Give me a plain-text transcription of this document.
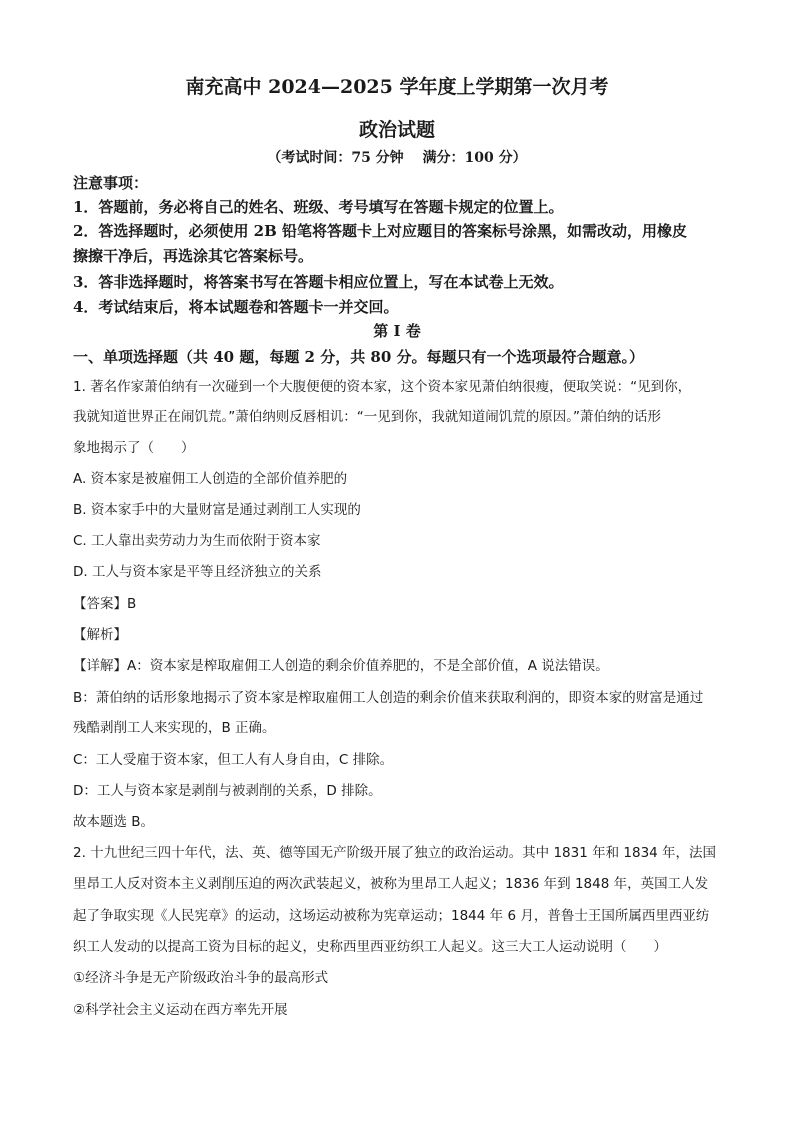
南充高中 2024—2025 学年度上学期第一次月考
政治试题
（考试时间：75 分钟　 满分：100 分）
注意事项：
1．答题前，务必将自己的姓名、班级、考号填写在答题卡规定的位置上。
2．答选择题时，必须使用 2B 铅笔将答题卡上对应题目的答案标号涂黑，如需改动，用橡皮
擦擦干净后，再选涂其它答案标号。
3．答非选择题时，将答案书写在答题卡相应位置上，写在本试卷上无效。
4．考试结束后，将本试题卷和答题卡一并交回。
第 Ⅰ 卷
一、单项选择题（共 40 题，每题 2 分，共 80 分。每题只有一个选项最符合题意。）
1. 著名作家萧伯纳有一次碰到一个大腹便便的资本家，这个资本家见萧伯纳很瘦，便取笑说：“见到你，
我就知道世界正在闹饥荒。”萧伯纳则反唇相讥：“一见到你，我就知道闹饥荒的原因。”萧伯纳的话形
象地揭示了（　　）
A. 资本家是被雇佣工人创造的全部价值养肥的
B. 资本家手中的大量财富是通过剥削工人实现的
C. 工人靠出卖劳动力为生而依附于资本家
D. 工人与资本家是平等且经济独立的关系
【答案】B
【解析】
【详解】A：资本家是榨取雇佣工人创造的剩余价值养肥的，不是全部价值，A 说法错误。
B：萧伯纳的话形象地揭示了资本家是榨取雇佣工人创造的剩余价值来获取利润的，即资本家的财富是通过
残酷剥削工人来实现的，B 正确。
C：工人受雇于资本家，但工人有人身自由，C 排除。
D：工人与资本家是剥削与被剥削的关系，D 排除。
故本题选 B。
2. 十九世纪三四十年代，法、英、德等国无产阶级开展了独立的政治运动。其中 1831 年和 1834 年，法国
里昂工人反对资本主义剥削压迫的两次武装起义，被称为里昂工人起义；1836 年到 1848 年，英国工人发
起了争取实现《人民宪章》的运动，这场运动被称为宪章运动；1844 年 6 月，普鲁士王国所属西里西亚纺
织工人发动的以提高工资为目标的起义，史称西里西亚纺织工人起义。这三大工人运动说明（　　）
①经济斗争是无产阶级政治斗争的最高形式
②科学社会主义运动在西方率先开展
